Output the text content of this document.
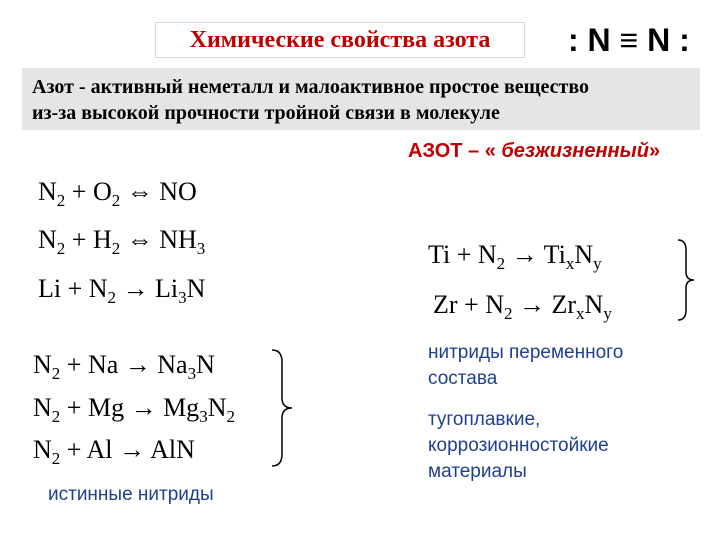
Химические свойства азота	: N ≡ N :
Азот - активный неметалл и малоактивное простое вещество
из-за высокой прочности тройной связи в молекуле
АЗОТ – « безжизненный»
$N_2 + O_2$ ⇔ NO
$N_2 + H_2$ ⇔ $NH_3$
$Li + N_2 \to Li_3N$
$N_2 + Na \to Na_3N$
$N_2 + Mg \to Mg_3N_2$
$N_2 + Al$ → AlN
истинные нитриды
$Ti + N_2 \to Ti_xN_y$
$Zr + N_2 \to Zr_xN_y$
нитриды переменного
состава
тугоплавкие,
коррозионностойкие
материалы
